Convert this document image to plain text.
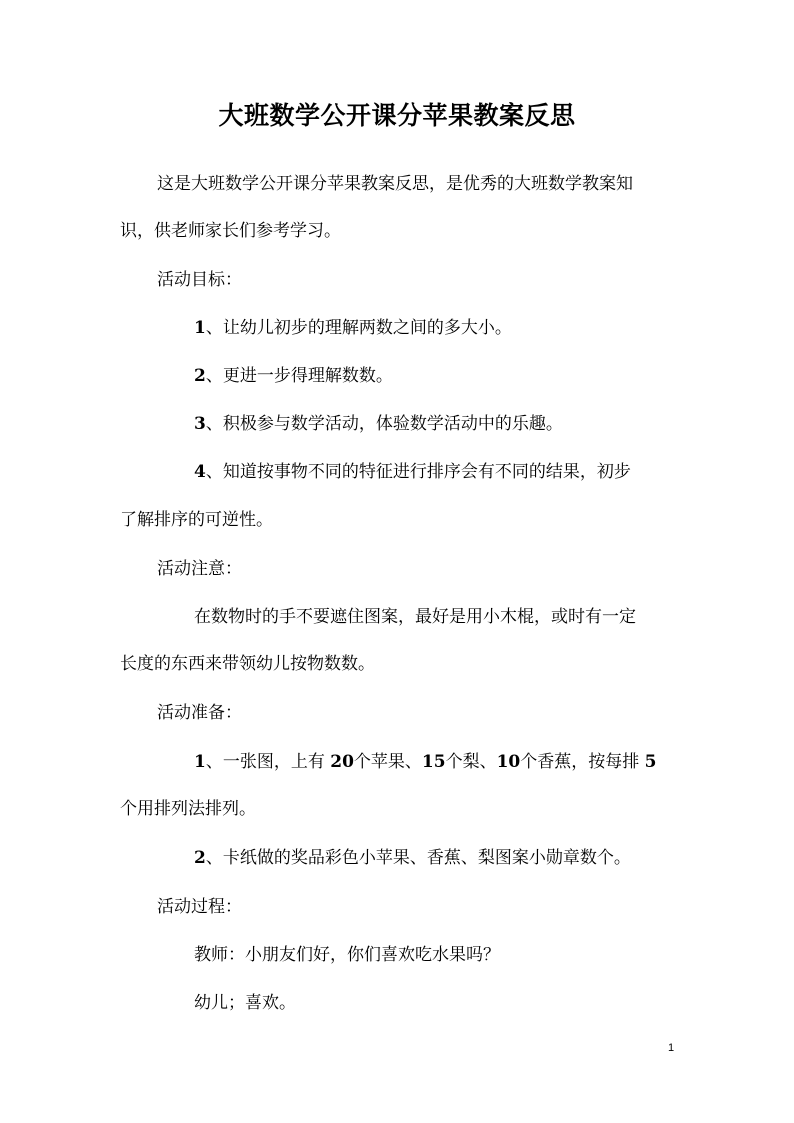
大班数学公开课分苹果教案反思
这是大班数学公开课分苹果教案反思，是优秀的大班数学教案知
识，供老师家长们参考学习。
活动目标：
1、让幼儿初步的理解两数之间的多大小。
2、更进一步得理解数数。
3、积极参与数学活动，体验数学活动中的乐趣。
4、知道按事物不同的特征进行排序会有不同的结果，初步
了解排序的可逆性。
活动注意：
在数物时的手不要遮住图案，最好是用小木棍，或时有一定
长度的东西来带领幼儿按物数数。
活动准备：
1、一张图，上有 20个苹果、15个梨、10个香蕉，按每排 5
个用排列法排列。
2、卡纸做的奖品彩色小苹果、香蕉、梨图案小勋章数个。
活动过程：
教师：小朋友们好，你们喜欢吃水果吗？
幼儿；喜欢。
1
